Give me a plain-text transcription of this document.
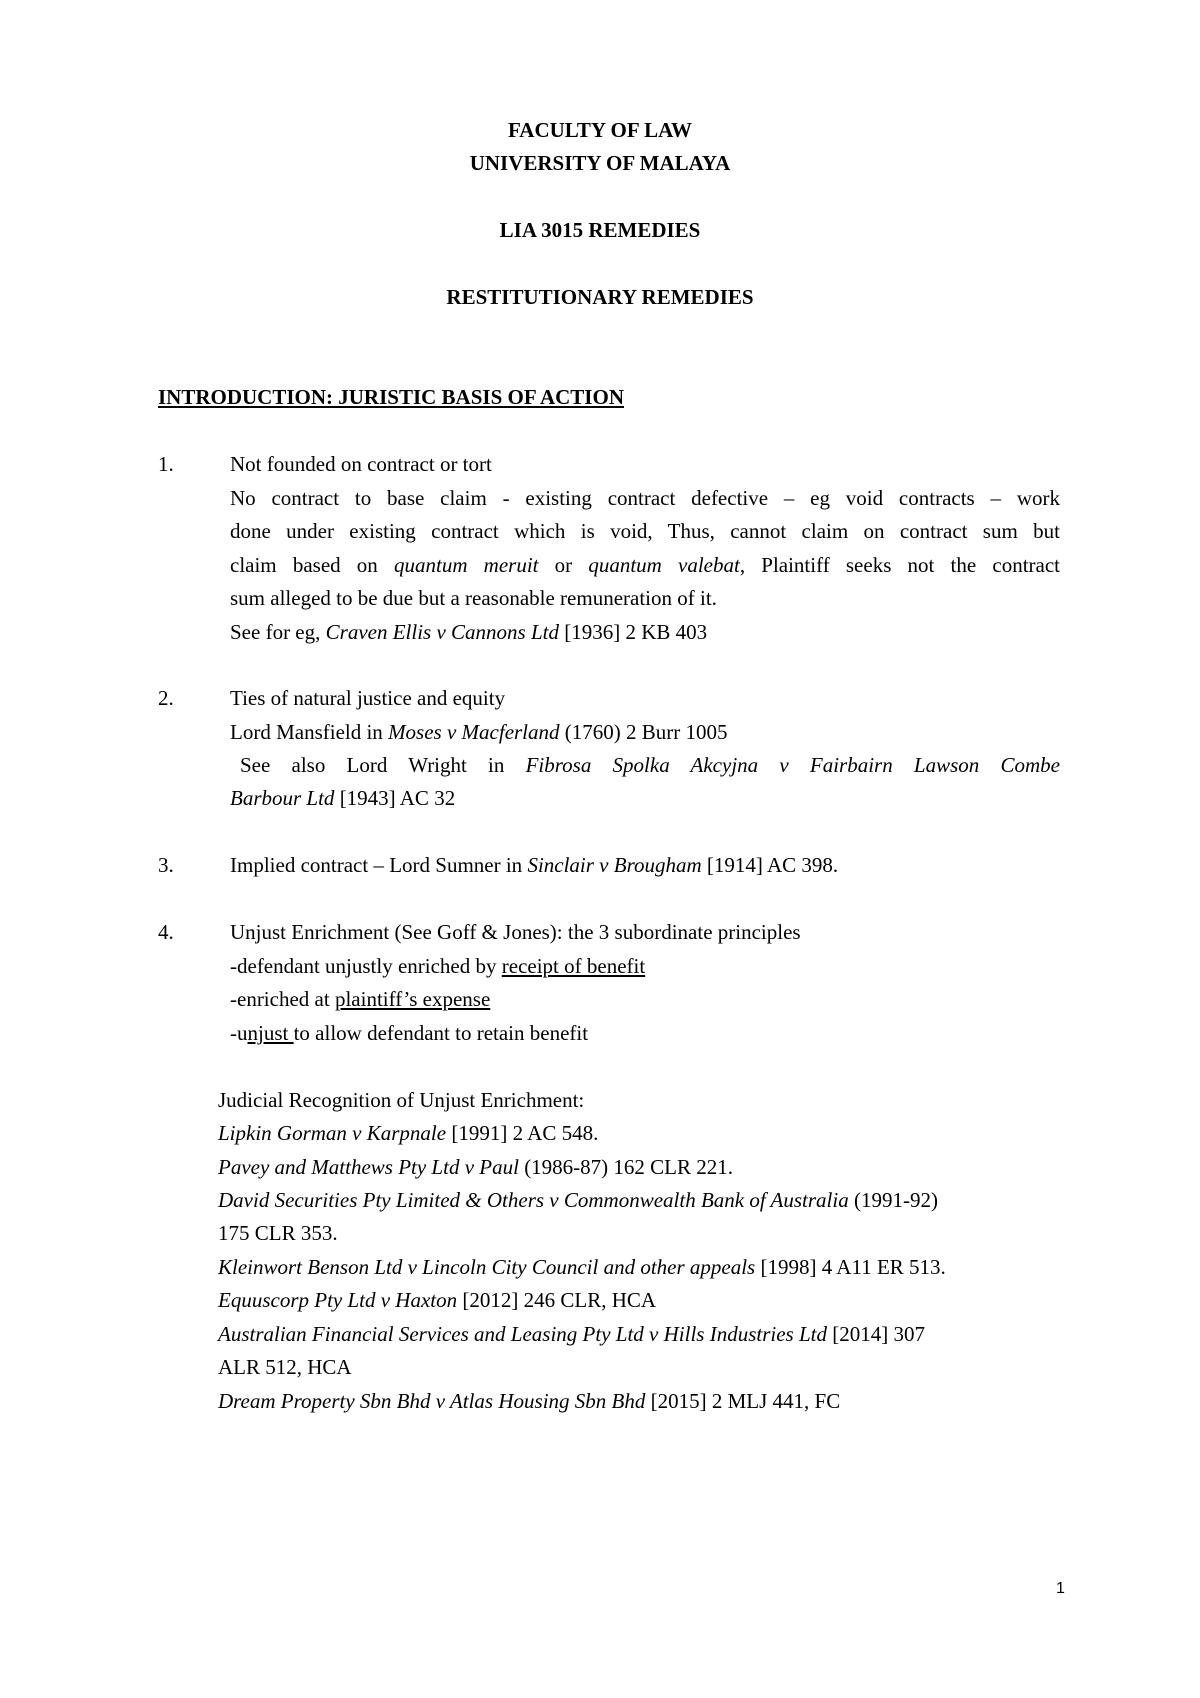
FACULTY OF LAW
UNIVERSITY OF MALAYA
LIA 3015 REMEDIES
RESTITUTIONARY REMEDIES
INTRODUCTION: JURISTIC BASIS OF ACTION
1.	Not founded on contract or tort
No contract to base claim - existing contract defective – eg void contracts – work
done under existing contract which is void, Thus, cannot claim on contract sum but
claim based on quantum meruit or quantum valebat, Plaintiff seeks not the contract
sum alleged to be due but a reasonable remuneration of it.
See for eg, Craven Ellis v Cannons Ltd [1936] 2 KB 403
2.	Ties of natural justice and equity
Lord Mansfield in Moses v Macferland (1760) 2 Burr 1005
See also Lord Wright in Fibrosa Spolka Akcyjna v Fairbairn Lawson Combe
Barbour Ltd [1943] AC 32
3.	Implied contract – Lord Sumner in Sinclair v Brougham [1914] AC 398.
4.	Unjust Enrichment (See Goff & Jones): the 3 subordinate principles
-defendant unjustly enriched by receipt of benefit
-enriched at plaintiff’s expense
-unjust to allow defendant to retain benefit
Judicial Recognition of Unjust Enrichment:
Lipkin Gorman v Karpnale [1991] 2 AC 548.
Pavey and Matthews Pty Ltd v Paul (1986-87) 162 CLR 221.
David Securities Pty Limited & Others v Commonwealth Bank of Australia (1991-92)
175 CLR 353.
Kleinwort Benson Ltd v Lincoln City Council and other appeals [1998] 4 A11 ER 513.
Equuscorp Pty Ltd v Haxton [2012] 246 CLR, HCA
Australian Financial Services and Leasing Pty Ltd v Hills Industries Ltd [2014] 307
ALR 512, HCA
Dream Property Sbn Bhd v Atlas Housing Sbn Bhd [2015] 2 MLJ 441, FC
1
